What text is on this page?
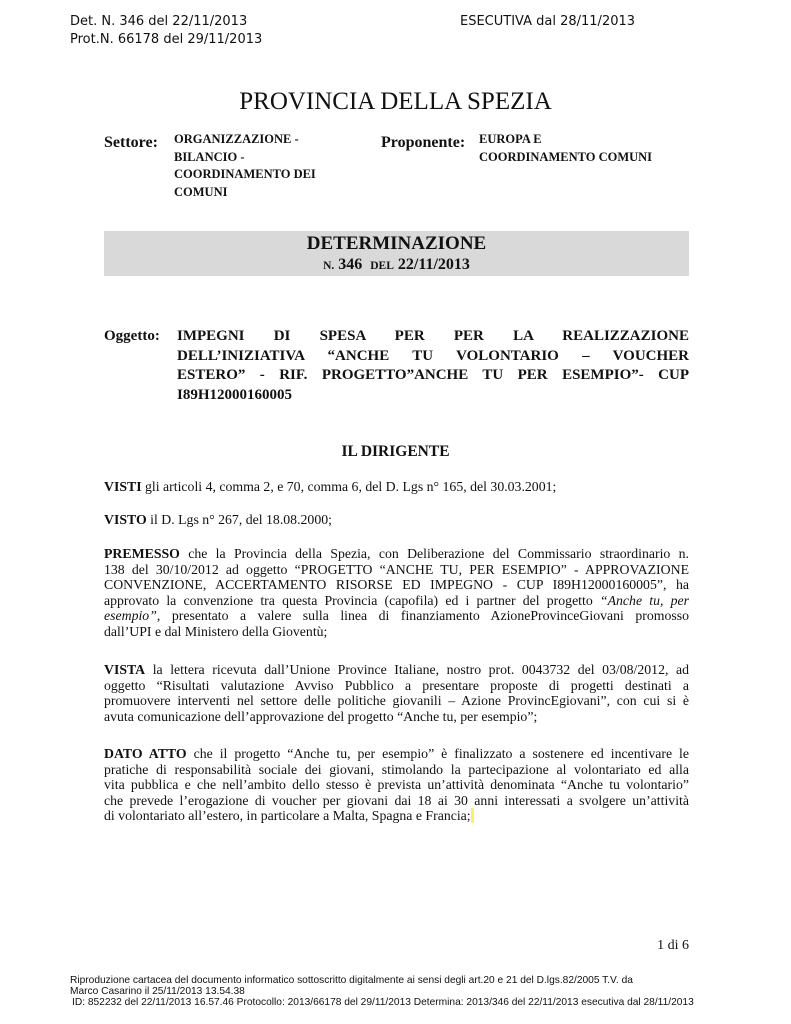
Det. N. 346 del 22/11/2013
Prot.N. 66178 del 29/11/2013
ESECUTIVA dal 28/11/2013
PROVINCIA DELLA SPEZIA
Settore: ORGANIZZAZIONE -
BILANCIO -
COORDINAMENTO DEI
COMUNI
Proponente: EUROPA E
COORDINAMENTO COMUNI
DETERMINAZIONE
N. 346 DEL 22/11/2013
Oggetto: IMPEGNI DI SPESA PER PER LA REALIZZAZIONE
DELL’INIZIATIVA “ANCHE TU VOLONTARIO – VOUCHER
ESTERO” - RIF. PROGETTO”ANCHE TU PER ESEMPIO”- CUP
I89H12000160005
IL DIRIGENTE
VISTI gli articoli 4, comma 2, e 70, comma 6, del D. Lgs n° 165, del 30.03.2001;
VISTO il D. Lgs n° 267, del 18.08.2000;
PREMESSO che la Provincia della Spezia, con Deliberazione del Commissario straordinario n.
138 del 30/10/2012 ad oggetto “PROGETTO “ANCHE TU, PER ESEMPIO” - APPROVAZIONE
CONVENZIONE, ACCERTAMENTO RISORSE ED IMPEGNO - CUP I89H12000160005”, ha
approvato la convenzione tra questa Provincia (capofila) ed i partner del progetto “Anche tu, per
esempio”, presentato a valere sulla linea di finanziamento AzioneProvinceGiovani promosso
dall’UPI e dal Ministero della Gioventù;
VISTA la lettera ricevuta dall’Unione Province Italiane, nostro prot. 0043732 del 03/08/2012, ad
oggetto “Risultati valutazione Avviso Pubblico a presentare proposte di progetti destinati a
promuovere interventi nel settore delle politiche giovanili – Azione ProvincEgiovani”, con cui si è
avuta comunicazione dell’approvazione del progetto “Anche tu, per esempio”;
DATO ATTO che il progetto “Anche tu, per esempio” è finalizzato a sostenere ed incentivare le
pratiche di responsabilità sociale dei giovani, stimolando la partecipazione al volontariato ed alla
vita pubblica e che nell’ambito dello stesso è prevista un’attività denominata “Anche tu volontario”
che prevede l’erogazione di voucher per giovani dai 18 ai 30 anni interessati a svolgere un’attività
di volontariato all’estero, in particolare a Malta, Spagna e Francia;
1 di 6
Riproduzione cartacea del documento informatico sottoscritto digitalmente ai sensi degli art.20 e 21 del D.lgs.82/2005 T.V. da
Marco Casarino il 25/11/2013 13.54.38
ID: 852232 del 22/11/2013 16.57.46 Protocollo: 2013/66178 del 29/11/2013 Determina: 2013/346 del 22/11/2013 esecutiva dal 28/11/2013
